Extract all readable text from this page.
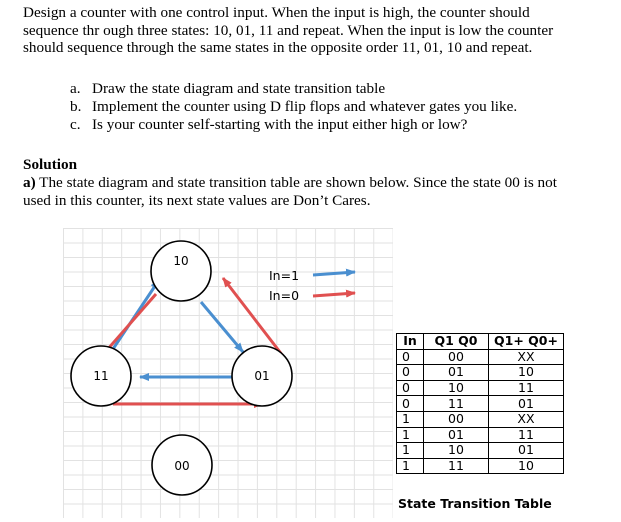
Design a counter with one control input. When the input is high, the counter should
sequence thr ough three states: 10, 01, 11 and repeat. When the input is low the counter
should sequence through the same states in the opposite order 11, 01, 10 and repeat.
a. Draw the state diagram and state transition table
b. Implement the counter using D flip flops and whatever gates you like.
c. Is your counter self-starting with the input either high or low?
Solution
a) The state diagram and state transition table are shown below. Since the state 00 is not
used in this counter, its next state values are Don’t Cares.
10
11	01
00
In=1
In=0
In	Q1 Q0	Q1+ Q0+
0	00	XX
0	01	10
0	10	11
0	11	01
1	00	XX
1	01	11
1	10	01
1	11	10
State Transition Table
